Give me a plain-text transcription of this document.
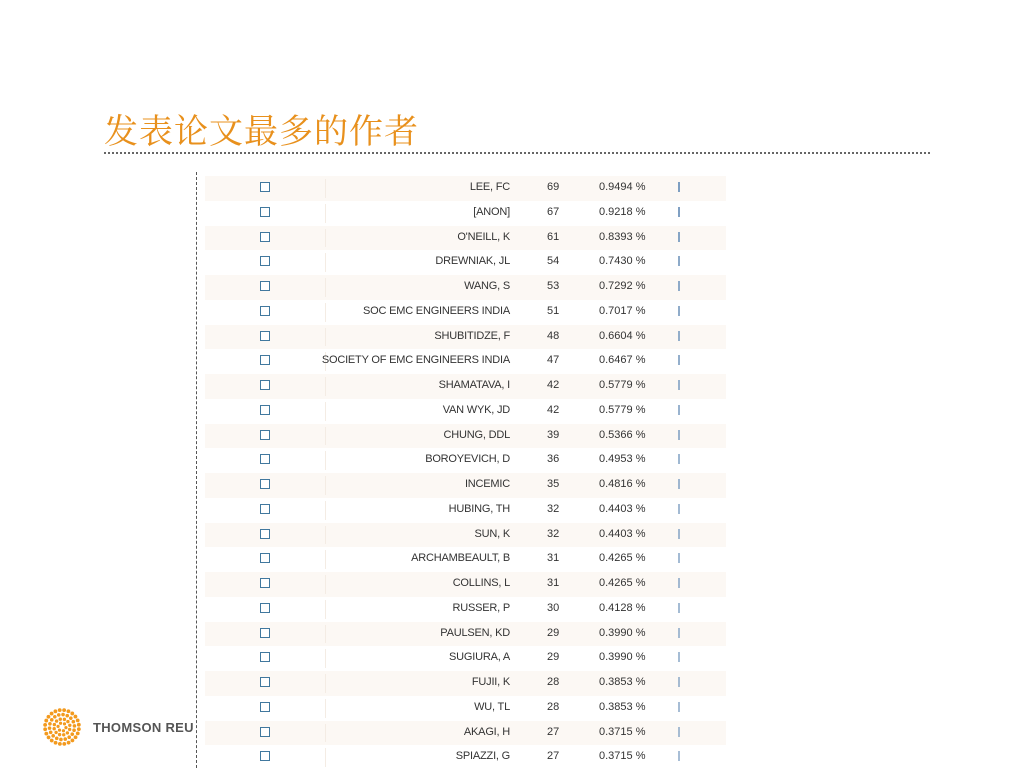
发表论文最多的作者
THOMSON REU
LEE, FC	69	0.9494 %
[ANON]	67	0.9218 %
O'NEILL, K	61	0.8393 %
DREWNIAK, JL	54	0.7430 %
WANG, S	53	0.7292 %
SOC EMC ENGINEERS INDIA	51	0.7017 %
SHUBITIDZE, F	48	0.6604 %
SOCIETY OF EMC ENGINEERS INDIA	47	0.6467 %
SHAMATAVA, I	42	0.5779 %
VAN WYK, JD	42	0.5779 %
CHUNG, DDL	39	0.5366 %
BOROYEVICH, D	36	0.4953 %
INCEMIC	35	0.4816 %
HUBING, TH	32	0.4403 %
SUN, K	32	0.4403 %
ARCHAMBEAULT, B	31	0.4265 %
COLLINS, L	31	0.4265 %
RUSSER, P	30	0.4128 %
PAULSEN, KD	29	0.3990 %
SUGIURA, A	29	0.3990 %
FUJII, K	28	0.3853 %
WU, TL	28	0.3853 %
AKAGI, H	27	0.3715 %
SPIAZZI, G	27	0.3715 %
